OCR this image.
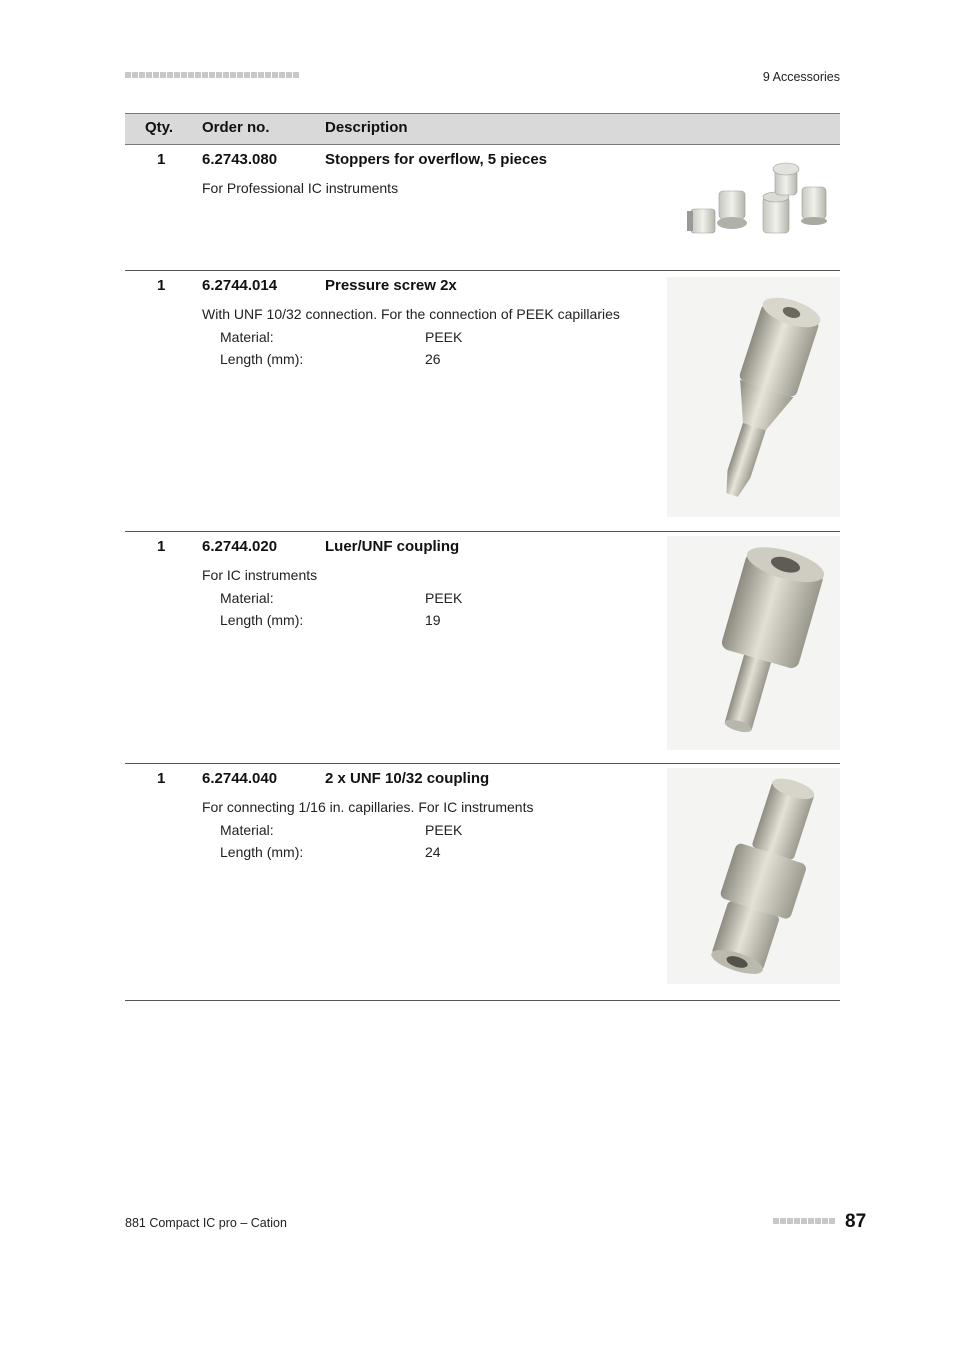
9 Accessories
Qty. Order no.	Description
1 6.2743.080	Stoppers for overflow, 5 pieces
For Professional IC instruments
1 6.2744.014	Pressure screw 2x
With UNF 10/32 connection. For the connection of PEEK capillaries
Material:	PEEK
Length (mm):	26
1 6.2744.020	Luer/UNF coupling
For IC instruments
Material:	PEEK
Length (mm):	19
1 6.2744.040	2 x UNF 10/32 coupling
For connecting 1/16 in. capillaries. For IC instruments
Material:	PEEK
Length (mm):	24
881 Compact IC pro – Cation	87
